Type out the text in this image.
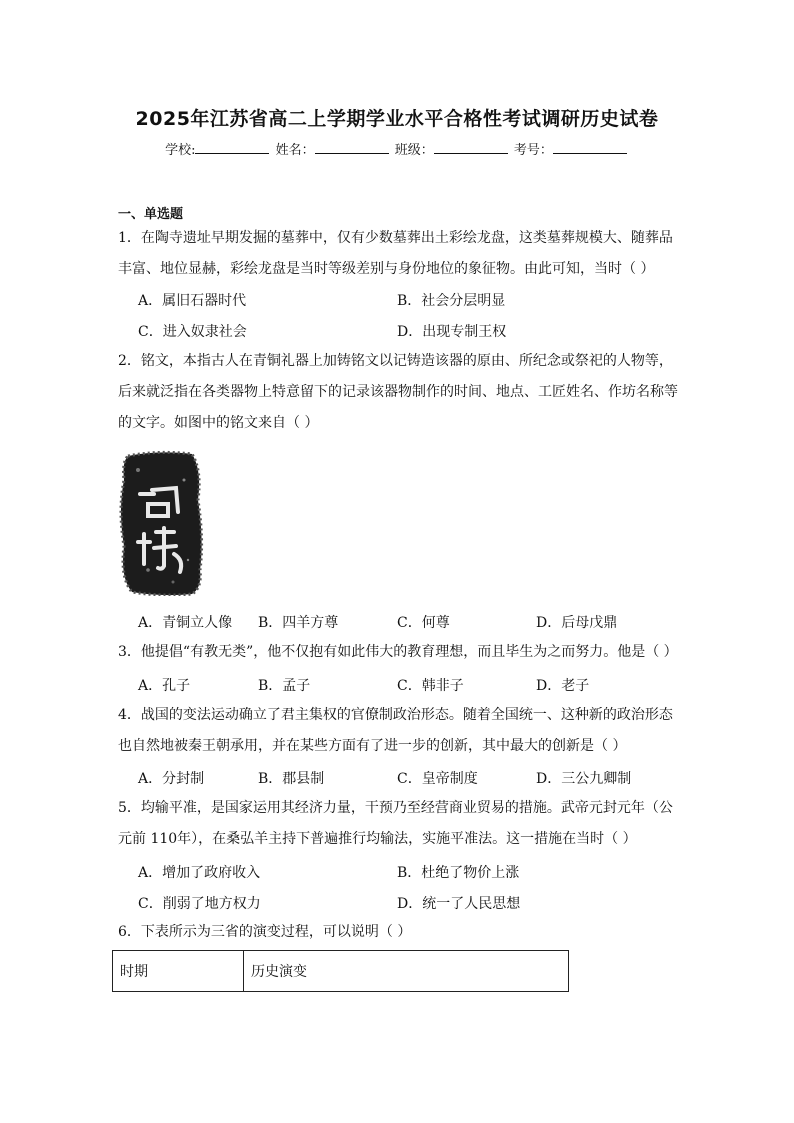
2025年江苏省高二上学期学业水平合格性考试调研历史试卷
学校:	姓名：	班级：	考号：
一、单选题
1．在陶寺遗址早期发掘的墓葬中，仅有少数墓葬出土彩绘龙盘，这类墓葬规模大、随葬品
丰富、地位显赫，彩绘龙盘是当时等级差别与身份地位的象征物。由此可知，当时（ ）
A．属旧石器时代	B．社会分层明显
C．进入奴隶社会	D．出现专制王权
2．铭文，本指古人在青铜礼器上加铸铭文以记铸造该器的原由、所纪念或祭祀的人物等，
后来就泛指在各类器物上特意留下的记录该器物制作的时间、地点、工匠姓名、作坊名称等
的文字。如图中的铭文来自（ ）
A．青铜立人像 B．四羊方尊	C．何尊	D．后母戊鼎
3．他提倡“有教无类”，他不仅抱有如此伟大的教育理想，而且毕生为之而努力。他是（ ）
A．孔子	B．孟子	C．韩非子	D．老子
4．战国的变法运动确立了君主集权的官僚制政治形态。随着全国统一、这种新的政治形态
也自然地被秦王朝承用，并在某些方面有了进一步的创新，其中最大的创新是（ ）
A．分封制	B．郡县制	C．皇帝制度	D．三公九卿制
5．均输平准，是国家运用其经济力量，干预乃至经营商业贸易的措施。武帝元封元年（公
元前 110年），在桑弘羊主持下普遍推行均输法，实施平准法。这一措施在当时（ ）
A．增加了政府收入	B．杜绝了物价上涨
C．削弱了地方权力	D．统一了人民思想
6．下表所示为三省的演变过程，可以说明（ ）
时期	历史演变
